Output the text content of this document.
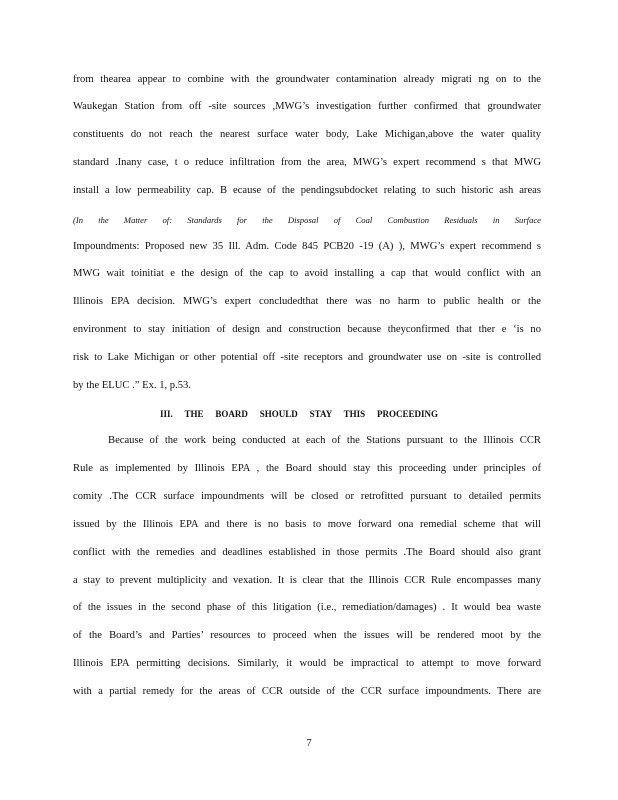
from thearea appear to combine with the groundwater contamination already migrati ng on to the
Waukegan Station from off -site sources ,MWG’s investigation further confirmed that groundwater
constituents do not reach the nearest surface water body, Lake Michigan,above the water quality
standard .Inany case, t o reduce infiltration from the area, MWG’s expert recommend s that MWG
install a low permeability cap. B ecause of the pendingsubdocket relating to such historic ash areas
(In the Matter of: Standards for the Disposal of Coal Combustion Residuals in Surface
Impoundments: Proposed new 35 Ill. Adm. Code 845 PCB20 -19 (A) ), MWG’s expert recommend s
MWG wait toinitiat e the design of the cap to avoid installing a cap that would conflict with an
Illinois EPA decision. MWG’s expert concludedthat there was no harm to public health or the
environment to stay initiation of design and construction because theyconfirmed that ther e ‘is no
risk to Lake Michigan or other potential off -site receptors and groundwater use on -site is controlled
by the ELUC .” Ex. 1, p.53.
III. THE BOARD SHOULD STAY THIS PROCEEDING
Because of the work being conducted at each of the Stations pursuant to the Illinois CCR
Rule as implemented by Illinois EPA , the Board should stay this proceeding under principles of
comity .The CCR surface impoundments will be closed or retrofitted pursuant to detailed permits
issued by the Illinois EPA and there is no basis to move forward ona remedial scheme that will
conflict with the remedies and deadlines established in those permits .The Board should also grant
a stay to prevent multiplicity and vexation. It is clear that the Illinois CCR Rule encompasses many
of the issues in the second phase of this litigation (i.e., remediation/damages) . It would bea waste
of the Board’s and Parties’ resources to proceed when the issues will be rendered moot by the
Illinois EPA permitting decisions. Similarly, it would be impractical to attempt to move forward
with a partial remedy for the areas of CCR outside of the CCR surface impoundments. There are
7
